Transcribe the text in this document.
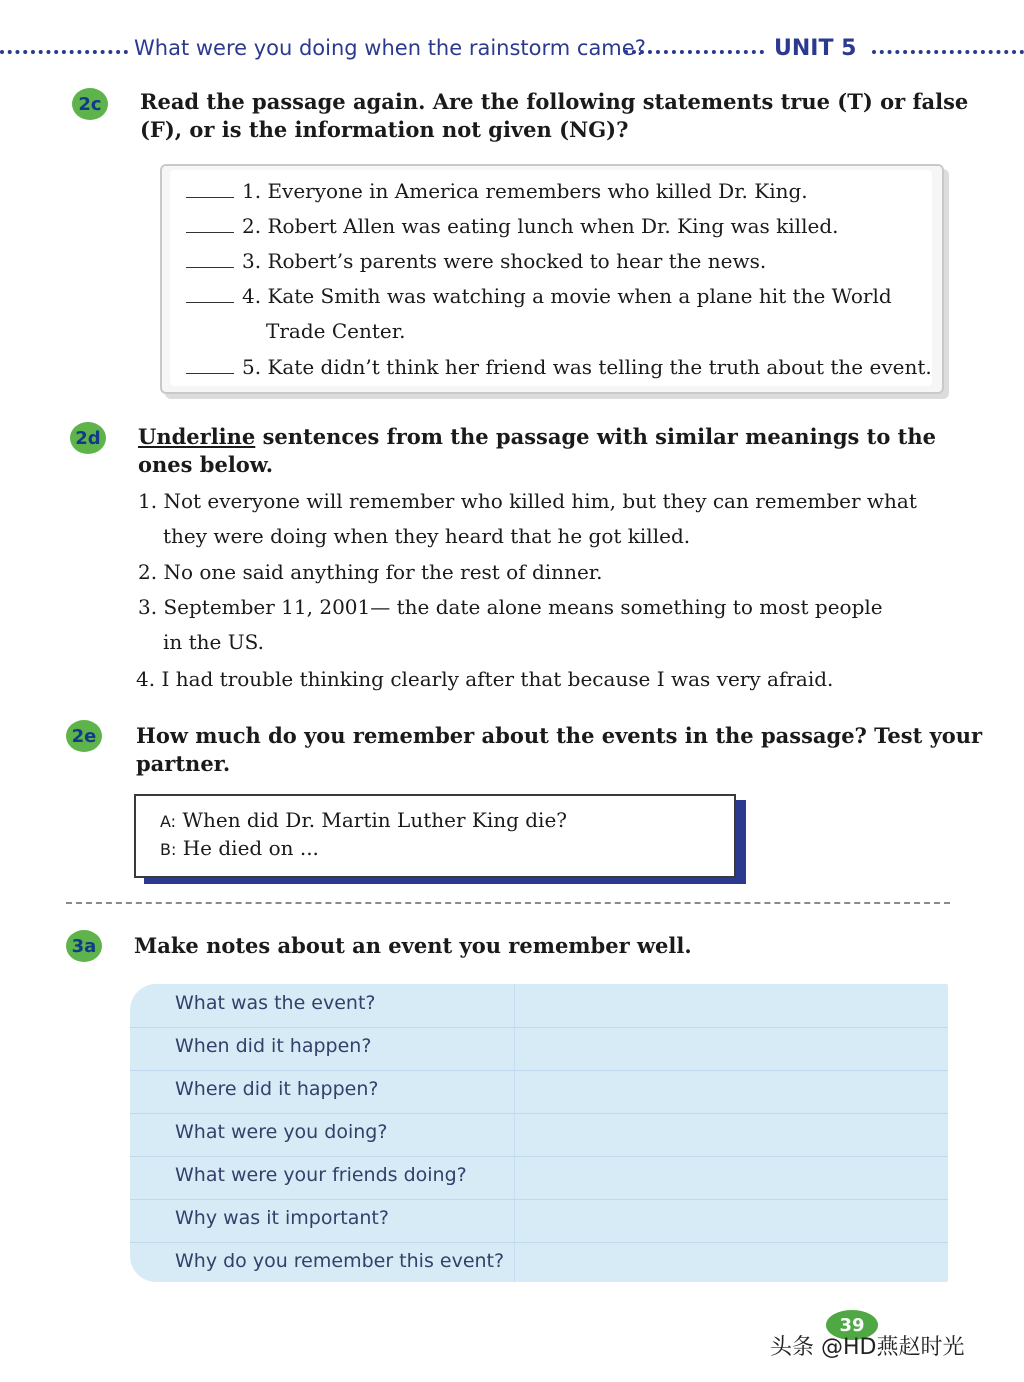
What were you doing when the rainstorm came?	UNIT 5
2c	Read the passage again. Are the following statements true (T) or false
(F), or is the information not given (NG)?
1. Everyone in America remembers who killed Dr. King.
2. Robert Allen was eating lunch when Dr. King was killed.
3. Robert’s parents were shocked to hear the news.
4. Kate Smith was watching a movie when a plane hit the World
Trade Center.
5. Kate didn’t think her friend was telling the truth about the event.
2d Underline sentences from the passage with similar meanings to the
ones below.
1. Not everyone will remember who killed him, but they can remember what
they were doing when they heard that he got killed.
2. No one said anything for the rest of dinner.
3. September 11, 2001— the date alone means something to most people
in the US.
4. I had trouble thinking clearly after that because I was very afraid.
2e How much do you remember about the events in the passage? Test your
partner.
A: When did Dr. Martin Luther King die?
B: He died on ...
3a Make notes about an event you remember well.
What was the event?
When did it happen?
Where did it happen?
What were you doing?
What were your friends doing?
Why was it important?
Why do you remember this event?
39
头条 @HD燕赵时光
